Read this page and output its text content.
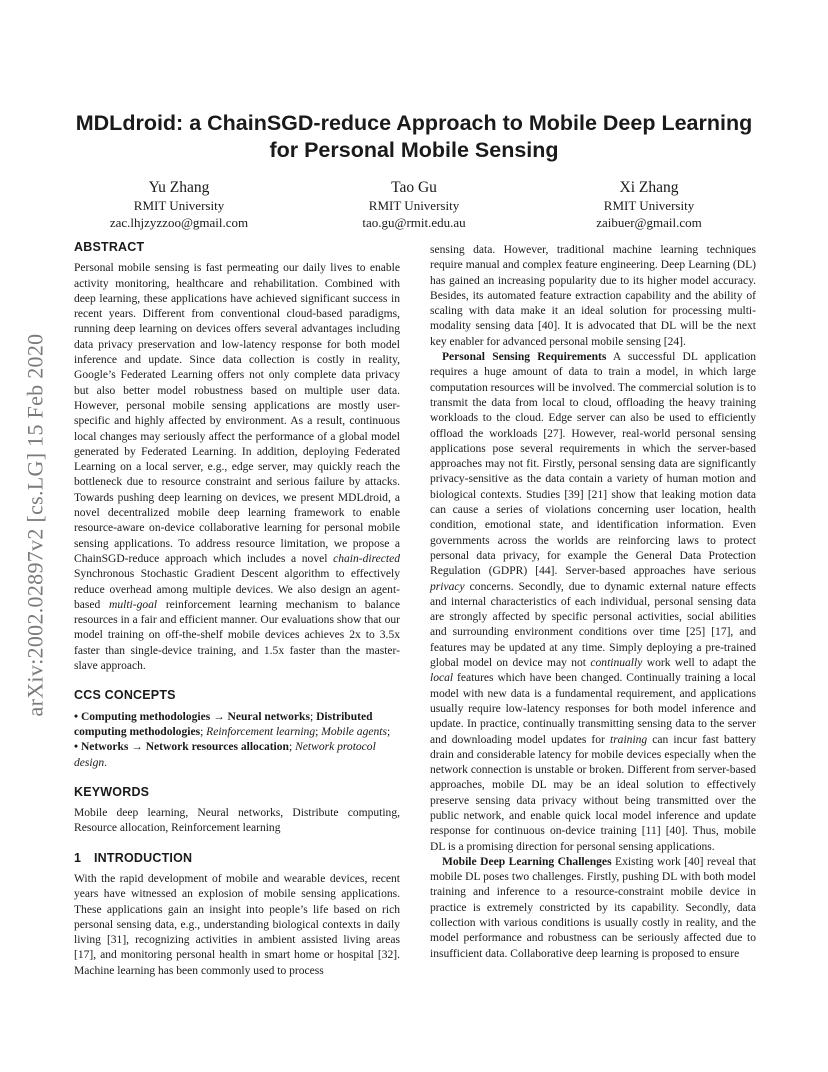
arXiv:2002.02897v2 [cs.LG] 15 Feb 2020
MDLdroid: a ChainSGD-reduce Approach to Mobile Deep Learning for Personal Mobile Sensing
Yu Zhang
RMIT University
zac.lhjzyzzoo@gmail.com
Tao Gu
RMIT University
tao.gu@rmit.edu.au
Xi Zhang
RMIT University
zaibuer@gmail.com
ABSTRACT

Personal mobile sensing is fast permeating our daily lives to enable activity monitoring, healthcare and rehabilitation. Combined with deep learning, these applications have achieved significant success in recent years. Different from conventional cloud-based paradigms, running deep learning on devices offers several advantages including data privacy preservation and low-latency response for both model inference and update. Since data collection is costly in reality, Google’s Federated Learning offers not only complete data privacy but also better model robustness based on multiple user data. However, personal mobile sensing applications are mostly user-specific and highly affected by environment. As a result, continuous local changes may seriously affect the performance of a global model generated by Federated Learning. In addition, deploying Federated Learning on a local server, e.g., edge server, may quickly reach the bottleneck due to resource constraint and serious failure by attacks. Towards pushing deep learning on devices, we present MDLdroid, a novel decentralized mobile deep learning framework to enable resource-aware on-device collaborative learning for personal mobile sensing applications. To address resource limitation, we propose a ChainSGD-reduce approach which includes a novel chain-directed Synchronous Stochastic Gradient Descent algorithm to effectively reduce overhead among multiple devices. We also design an agent-based multi-goal reinforcement learning mechanism to balance resources in a fair and efficient manner. Our evaluations show that our model training on off-the-shelf mobile devices achieves 2x to 3.5x faster than single-device training, and 1.5x faster than the master-slave approach.

CCS CONCEPTS

• Computing methodologies → Neural networks; Distributed computing methodologies; Reinforcement learning; Mobile agents;
• Networks → Network resources allocation; Network protocol design.

KEYWORDS

Mobile deep learning, Neural networks, Distribute computing, Resource allocation, Reinforcement learning

1 INTRODUCTION

With the rapid development of mobile and wearable devices, recent years have witnessed an explosion of mobile sensing applications. These applications gain an insight into people’s life based on rich personal sensing data, e.g., understanding biological contexts in daily living [31], recognizing activities in ambient assisted living areas [17], and monitoring personal health in smart home or hospital [32]. Machine learning has been commonly used to process

sensing data. However, traditional machine learning techniques require manual and complex feature engineering. Deep Learning (DL) has gained an increasing popularity due to its higher model accuracy. Besides, its automated feature extraction capability and the ability of scaling with data make it an ideal solution for processing multi-modality sensing data [40]. It is advocated that DL will be the next key enabler for advanced personal mobile sensing [24].

Personal Sensing Requirements A successful DL application requires a huge amount of data to train a model, in which large computation resources will be involved. The commercial solution is to transmit the data from local to cloud, offloading the heavy training workloads to the cloud. Edge server can also be used to efficiently offload the workloads [27]. However, real-world personal sensing applications pose several requirements in which the server-based approaches may not fit. Firstly, personal sensing data are significantly privacy-sensitive as the data contain a variety of human motion and biological contexts. Studies [39] [21] show that leaking motion data can cause a series of violations concerning user location, health condition, emotional state, and identification information. Even governments across the worlds are reinforcing laws to protect personal data privacy, for example the General Data Protection Regulation (GDPR) [44]. Server-based approaches have serious privacy concerns. Secondly, due to dynamic external nature effects and internal characteristics of each individual, personal sensing data are strongly affected by specific personal activities, social abilities and surrounding environment conditions over time [25] [17], and features may be updated at any time. Simply deploying a pre-trained global model on device may not continually work well to adapt the local features which have been changed. Continually training a local model with new data is a fundamental requirement, and applications usually require low-latency responses for both model inference and update. In practice, continually transmitting sensing data to the server and downloading model updates for training can incur fast battery drain and considerable latency for mobile devices especially when the network connection is unstable or broken. Different from server-based approaches, mobile DL may be an ideal solution to effectively preserve sensing data privacy without being transmitted over the public network, and enable quick local model inference and update response for continuous on-device training [11] [40]. Thus, mobile DL is a promising direction for personal sensing applications.

Mobile Deep Learning Challenges Existing work [40] reveal that mobile DL poses two challenges. Firstly, pushing DL with both model training and inference to a resource-constraint mobile device in practice is extremely constricted by its capability. Secondly, data collection with various conditions is usually costly in reality, and the model performance and robustness can be seriously affected due to insufficient data. Collaborative deep learning is proposed to ensure
